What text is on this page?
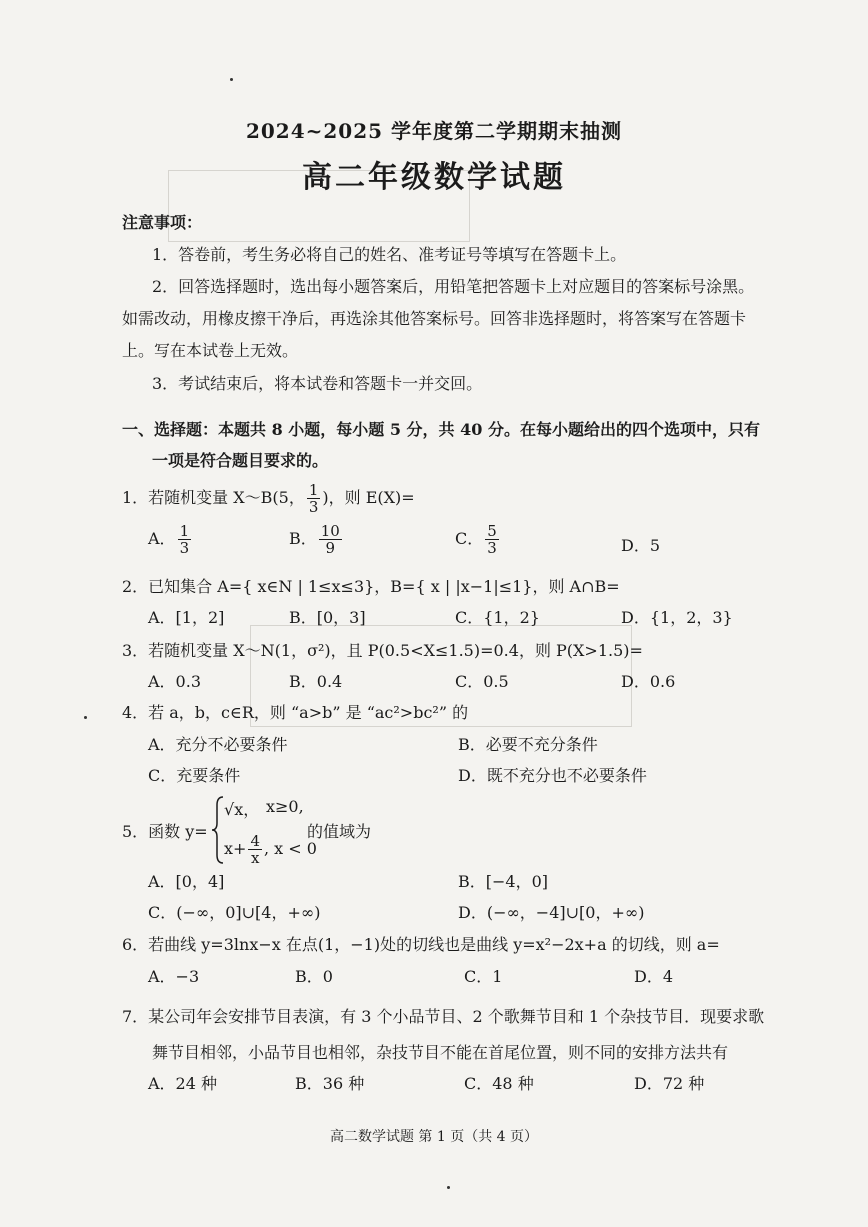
2024~2025 学年度第二学期期末抽测
高二年级数学试题
注意事项：
1．答卷前，考生务必将自己的姓名、准考证号等填写在答题卡上。
2．回答选择题时，选出每小题答案后，用铅笔把答题卡上对应题目的答案标号涂黑。
如需改动，用橡皮擦干净后，再选涂其他答案标号。回答非选择题时，将答案写在答题卡
上。写在本试卷上无效。
3．考试结束后，将本试卷和答题卡一并交回。
一、选择题：本题共 8 小题，每小题 5 分，共 40 分。在每小题给出的四个选项中，只有
一项是符合题目要求的。
1．若随机变量 X～B(5， $\frac{1}{3}$ )，则 E(X)=
A． $\frac{1}{3}$	B． $\frac{10}{9}$	C． $\frac{5}{3}$	D．5
2．已知集合 A={ x∈N | 1≤x≤3}，B={ x | |x−1|≤1}，则 A∩B=
A．[1，2]	B．[0，3]	C．{1，2}	D．{1，2，3}
3．若随机变量 X～N(1，σ²)，且 P(0.5<X≤1.5)=0.4，则 P(X>1.5)=
A．0.3	B．0.4	C．0.5	D．0.6
4．若 a，b，c∈R，则 “a>b” 是 “ac²>bc²” 的
A．充分不必要条件	B．必要不充分条件
C．充要条件	D．既不充分也不必要条件
5．函数 y=
√x， x≥0,
$x+ \frac{4}{x}$ , x < 0
的值域为
A．[0，4]	B．[−4，0]
C．(−∞，0]∪[4，+∞)	D．(−∞，−4]∪[0，+∞)
6．若曲线 y=3lnx−x 在点(1，−1)处的切线也是曲线 y=x²−2x+a 的切线，则 a=
A．−3	B．0	C．1	D．4
7．某公司年会安排节目表演，有 3 个小品节目、2 个歌舞节目和 1 个杂技节目．现要求歌
舞节目相邻，小品节目也相邻，杂技节目不能在首尾位置，则不同的安排方法共有
A．24 种	B．36 种	C．48 种	D．72 种
高二数学试题 第 1 页（共 4 页）
